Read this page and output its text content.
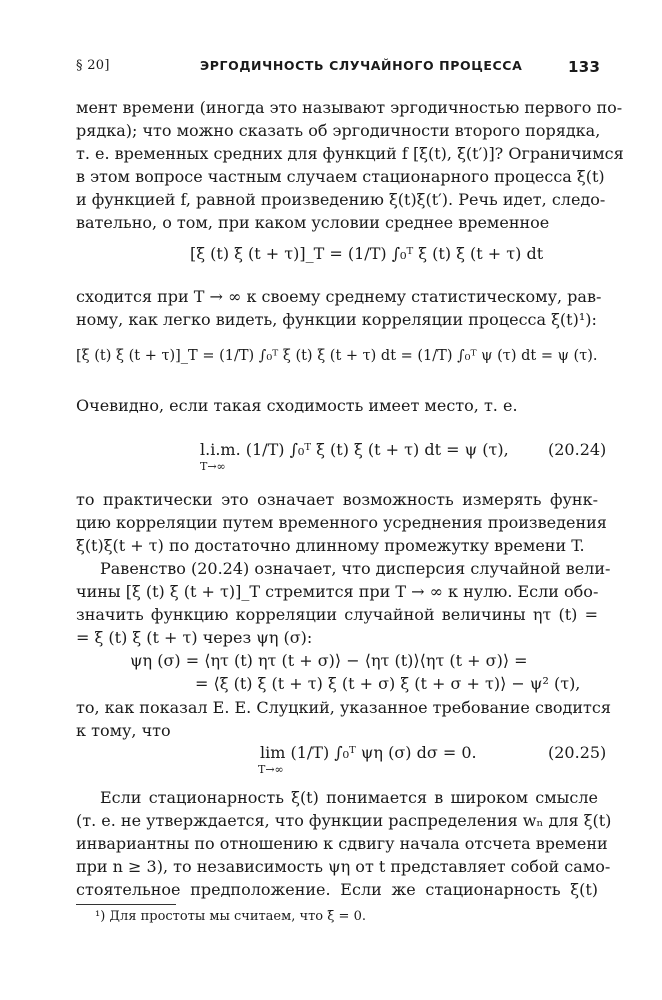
§ 20]	ЭРГОДИЧНОСТЬ СЛУЧАЙНОГО ПРОЦЕССА	133
мент времени (иногда это называют эргодичностью первого по-
рядка); что можно сказать об эргодичности второго порядка,
т. е. временных средних для функций f [ξ(t), ξ(t′)]? Ограничимся
в этом вопросе частным случаем стационарного процесса ξ(t)
и функцией f, равной произведению ξ(t)ξ(t′). Речь идет, следо-
вательно, о том, при каком условии среднее временное
[ξ (t) ξ (t + τ)]_T = (1/T) ∫₀ᵀ ξ (t) ξ (t + τ) dt
сходится при T → ∞ к своему среднему статистическому, рав-
ному, как легко видеть, функции корреляции процесса ξ(t)¹):
[ξ (t) ξ (t + τ)]_T = (1/T) ∫₀ᵀ ξ (t) ξ (t + τ) dt = (1/T) ∫₀ᵀ ψ (τ) dt = ψ (τ).
Очевидно, если такая сходимость имеет место, т. е.
l.i.m. (1/T) ∫₀ᵀ ξ (t) ξ (t + τ) dt = ψ (τ),
T→∞
(20.24)
то практически это означает возможность измерять функ-
цию корреляции путем временного усреднения произведения
ξ(t)ξ(t + τ) по достаточно длинному промежутку времени T.
Равенство (20.24) означает, что дисперсия случайной вели-
чины [ξ (t) ξ (t + τ)]_T стремится при T → ∞ к нулю. Если обо-
значить функцию корреляции случайной величины ητ (t) =
= ξ (t) ξ (t + τ) через ψη (σ):
ψη (σ) = ⟨ητ (t) ητ (t + σ)⟩ − ⟨ητ (t)⟩⟨ητ (t + σ)⟩ =
= ⟨ξ (t) ξ (t + τ) ξ (t + σ) ξ (t + σ + τ)⟩ − ψ² (τ),
то, как показал Е. Е. Слуцкий, указанное требование сводится
к тому, что
lim (1/T) ∫₀ᵀ ψη (σ) dσ = 0.
T→∞
(20.25)
Если стационарность ξ(t) понимается в широком смысле
(т. е. не утверждается, что функции распределения wₙ для ξ(t)
инвариантны по отношению к сдвигу начала отсчета времени
при n ≥ 3), то независимость ψη от t представляет собой само-
стоятельное предположение. Если же стационарность ξ(t)
¹) Для простоты мы считаем, что ξ̄ = 0.
